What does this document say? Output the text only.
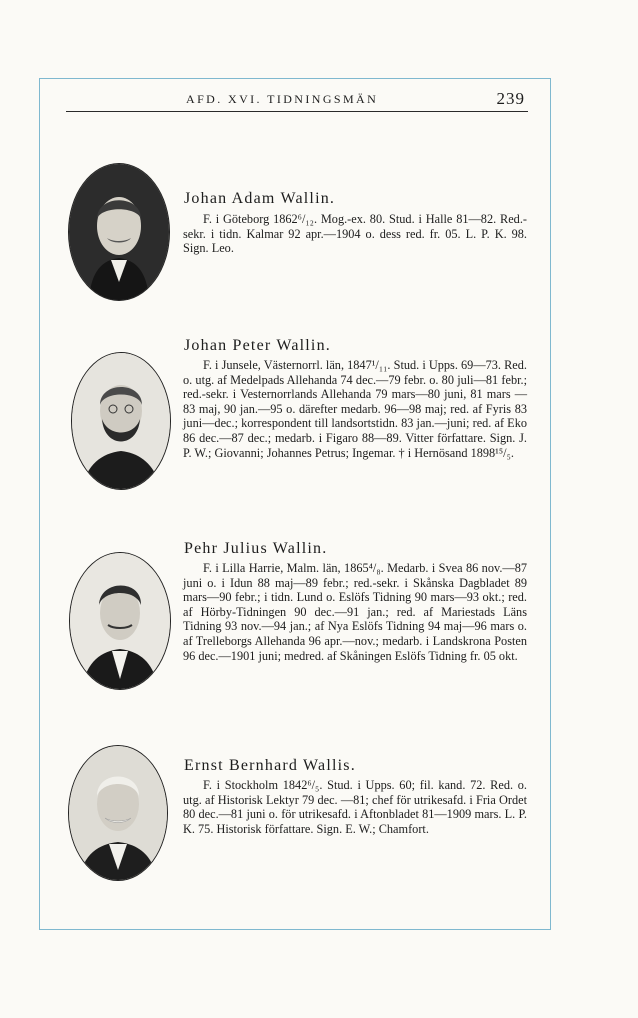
AFD. XVI. TIDNINGSMÄN	239
Johan Adam Wallin.

F. i Göteborg 1862⁶/₁₂. Mog.-ex. 80. Stud. i Halle 81—82. Red.-sekr. i tidn. Kalmar 92 apr.—1904 o. dess red. fr. 05. L. P. K. 98. Sign. Leo.

Johan Peter Wallin.

F. i Junsele, Västernorrl. län, 1847¹/₁₁. Stud. i Upps. 69—73. Red. o. utg. af Medelpads Allehanda 74 dec.—79 febr. o. 80 juli—81 febr.; red.-sekr. i Vesternorrlands Allehanda 79 mars—80 juni, 81 mars —83 maj, 90 jan.—95 o. därefter medarb. 96—98 maj; red. af Fyris 83 juni—dec.; korrespondent till landsortstidn. 83 jan.—juni; red. af Eko 86 dec.—87 dec.; medarb. i Figaro 88—89. Vitter författare. Sign. J. P. W.; Giovanni; Johannes Petrus; Ingemar. † i Hernösand 1898¹⁵/₅.

Pehr Julius Wallin.

F. i Lilla Harrie, Malm. län, 1865⁴/₈. Medarb. i Svea 86 nov.—87 juni o. i Idun 88 maj—89 febr.; red.-sekr. i Skånska Dagbladet 89 mars—90 febr.; i tidn. Lund o. Eslöfs Tidning 90 mars—93 okt.; red. af Hörby-Tidningen 90 dec.—91 jan.; red. af Mariestads Läns Tidning 93 nov.—94 jan.; af Nya Eslöfs Tidning 94 maj—96 mars o. af Trelleborgs Allehanda 96 apr.—nov.; medarb. i Landskrona Posten 96 dec.—1901 juni; medred. af Skåningen Eslöfs Tidning fr. 05 okt.

Ernst Bernhard Wallis.

F. i Stockholm 1842⁶/₅. Stud. i Upps. 60; fil. kand. 72. Red. o. utg. af Historisk Lektyr 79 dec. —81; chef för utrikesafd. i Fria Ordet 80 dec.—81 juni o. för utrikesafd. i Aftonbladet 81—1909 mars. L. P. K. 75. Historisk författare. Sign. E. W.; Chamfort.
